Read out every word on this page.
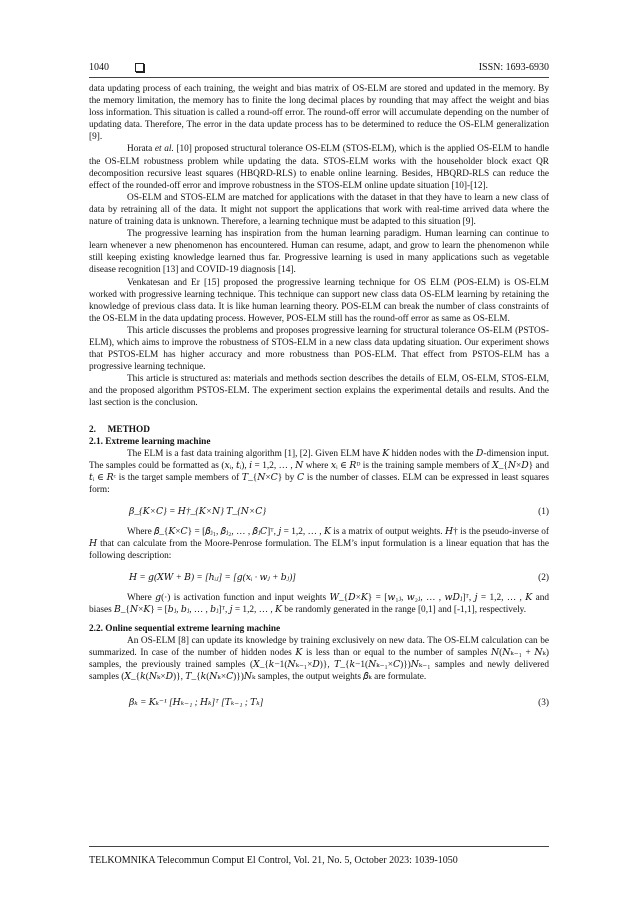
1040	ISSN: 1693-6930

data updating process of each training, the weight and bias matrix of OS-ELM are stored and updated in the memory. By the memory limitation, the memory has to finite the long decimal places by rounding that may affect the weight and bias loss information. This situation is called a round-off error. The round-off error will accumulate depending on the number of updating data. Therefore, The error in the data update process has to be determined to reduce the OS-ELM generalization [9].

Horata et al. [10] proposed structural tolerance OS-ELM (STOS-ELM), which is the applied OS-ELM to handle the OS-ELM robustness problem while updating the data. STOS-ELM works with the householder block exact QR decomposition recursive least squares (HBQRD-RLS) to enable online learning. Besides, HBQRD-RLS can reduce the effect of the rounded-off error and improve robustness in the STOS-ELM online update situation [10]-[12].

OS-ELM and STOS-ELM are matched for applications with the dataset in that they have to learn a new class of data by retraining all of the data. It might not support the applications that work with real-time arrived data where the nature of training data is unknown. Therefore, a learning technique must be adapted to this situation [9].

The progressive learning has inspiration from the human learning paradigm. Human learning can continue to learn whenever a new phenomenon has encountered. Human can resume, adapt, and grow to learn the phenomenon while still keeping existing knowledge learned thus far. Progressive learning is used in many applications such as vegetable disease recognition [13] and COVID-19 diagnosis [14].

Venkatesan and Er [15] proposed the progressive learning technique for OS ELM (POS-ELM) is OS-ELM worked with progressive learning technique. This technique can support new class data OS-ELM learning by retaining the knowledge of previous class data. It is like human learning theory. POS-ELM can break the number of class constraints of the OS-ELM in the data updating process. However, POS-ELM still has the round-off error as same as OS-ELM.

This article discusses the problems and proposes progressive learning for structural tolerance OS-ELM (PSTOS-ELM), which aims to improve the robustness of STOS-ELM in a new class data updating situation. Our experiment shows that PSTOS-ELM has higher accuracy and more robustness than POS-ELM. That effect from PSTOS-ELM has a progressive learning technique.

This article is structured as: materials and methods section describes the details of ELM, OS-ELM, STOS-ELM, and the proposed algorithm PSTOS-ELM. The experiment section explains the experimental details and results. And the last section is the conclusion.

2. METHOD

2.1. Extreme learning machine

The ELM is a fast data training algorithm [1], [2]. Given ELM have 𝐾 hidden nodes with the 𝐷-dimension input. The samples could be formatted as (𝑥ᵢ, 𝑡ᵢ), 𝑖 = 1,2, … , 𝑁 where 𝑥ᵢ ∈ 𝑅ᴰ is the training sample members of 𝑋_{𝑁×𝐷} and 𝑡ᵢ ∈ 𝑅ᶜ is the target sample members of 𝑇_{𝑁×𝐶} by 𝐶 is the number of classes. ELM can be expressed in least squares form:

𝛽_{𝐾×𝐶} = 𝐻†_{𝐾×𝑁} 𝑇_{𝑁×𝐶}	(1)

Where 𝛽_{𝐾×𝐶} = [𝛽ⱼ₁, 𝛽ⱼ₂, … , 𝛽ⱼ𝐶]ᵀ, 𝑗 = 1,2, … , 𝐾 is a matrix of output weights. 𝐻† is the pseudo-inverse of 𝐻 that can calculate from the Moore-Penrose formulation. The ELM’s input formulation is a linear equation that has the following description:

𝐻 = 𝑔(𝑋𝑊 + 𝐵) = [ℎᵢⱼ] = [𝑔(𝑥ᵢ · 𝑤ⱼ + 𝑏ⱼ)]	(2)

Where 𝑔(·) is activation function and input weights 𝑊_{𝐷×𝐾} = [𝑤₁ⱼ, 𝑤₂ⱼ, … , 𝑤𝐷ⱼ]ᵀ, 𝑗 = 1,2, … , 𝐾 and biases 𝐵_{𝑁×𝐾} = [𝑏ⱼ, 𝑏ⱼ, … , 𝑏ⱼ]ᵀ, 𝑗 = 1,2, … , 𝐾 be randomly generated in the range [0,1] and [-1,1], respectively.

2.2. Online sequential extreme learning machine

An OS-ELM [8] can update its knowledge by training exclusively on new data. The OS-ELM calculation can be summarized. In case of the number of hidden nodes 𝐾 is less than or equal to the number of samples 𝑁(𝑁ₖ₋₁ + 𝑁ₖ) samples, the previously trained samples (𝑋_{𝑘−1(𝑁ₖ₋₁×𝐷)}, 𝑇_{𝑘−1(𝑁ₖ₋₁×𝐶)})𝑁ₖ₋₁ samples and newly delivered samples (𝑋_{𝑘(𝑁ₖ×𝐷)}, 𝑇_{𝑘(𝑁ₖ×𝐶)})𝑁ₖ samples, the output weights 𝛽ₖ are formulate.

𝛽ₖ = 𝐾ₖ⁻¹ [𝐻ₖ₋₁ ; 𝐻ₖ]ᵀ [𝑇ₖ₋₁ ; 𝑇ₖ]	(3)
TELKOMNIKA Telecommun Comput El Control, Vol. 21, No. 5, October 2023: 1039-1050
